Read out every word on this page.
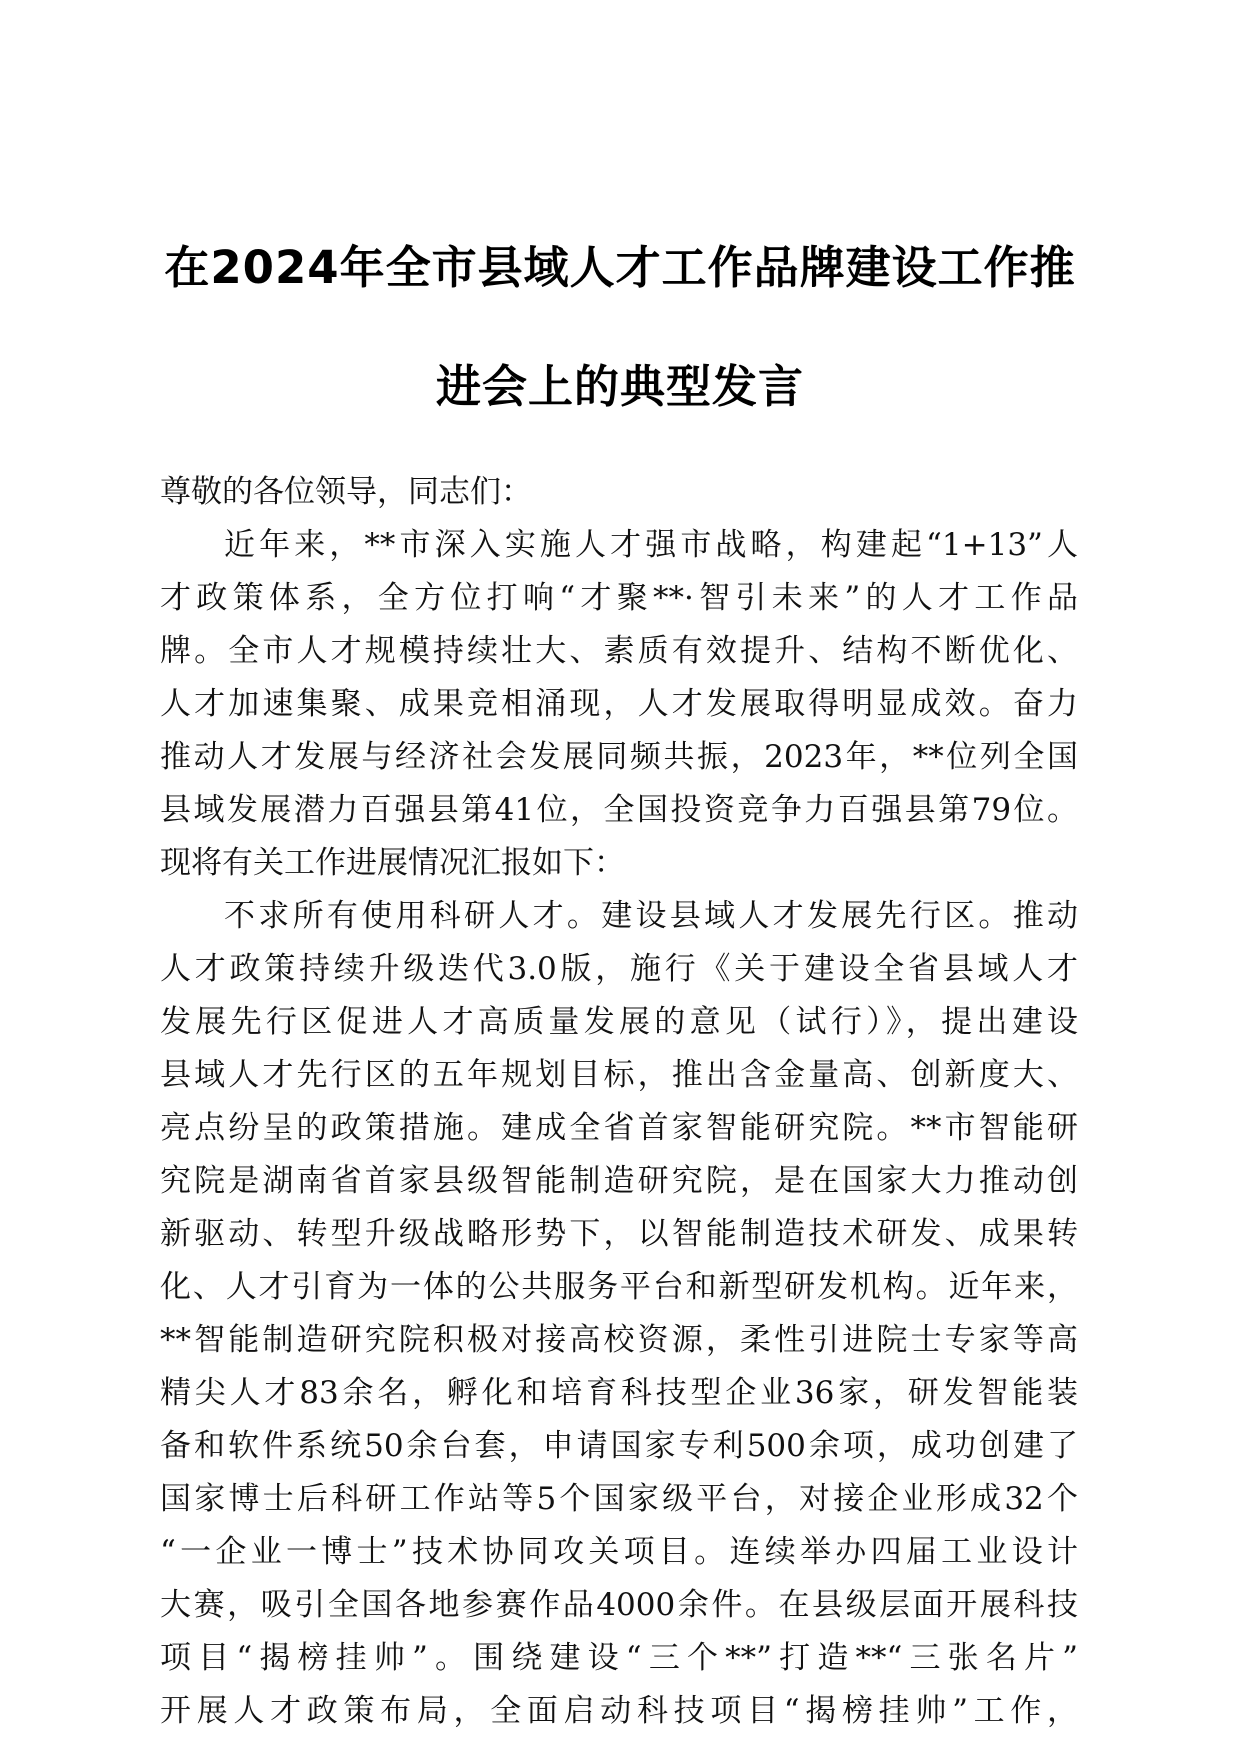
在2024年全市县域人才工作品牌建设工作推
进会上的典型发言
尊敬的各位领导，同志们：
近年来，**市深入实施人才强市战略，构建起“1+13”人
才政策体系，全方位打响“才聚**·智引未来”的人才工作品
牌。全市人才规模持续壮大、素质有效提升、结构不断优化、
人才加速集聚、成果竞相涌现，人才发展取得明显成效。奋力
推动人才发展与经济社会发展同频共振，2023年，**位列全国
县域发展潜力百强县第41位，全国投资竞争力百强县第79位。
现将有关工作进展情况汇报如下：
不求所有使用科研人才。建设县域人才发展先行区。推动
人才政策持续升级迭代3.0版，施行《关于建设全省县域人才
发展先行区促进人才高质量发展的意见（试行）》，提出建设
县域人才先行区的五年规划目标，推出含金量高、创新度大、
亮点纷呈的政策措施。建成全省首家智能研究院。**市智能研
究院是湖南省首家县级智能制造研究院，是在国家大力推动创
新驱动、转型升级战略形势下，以智能制造技术研发、成果转
化、人才引育为一体的公共服务平台和新型研发机构。近年来，
**智能制造研究院积极对接高校资源，柔性引进院士专家等高
精尖人才83余名，孵化和培育科技型企业36家，研发智能装
备和软件系统50余台套，申请国家专利500余项，成功创建了
国家博士后科研工作站等5个国家级平台，对接企业形成32个
“一企业一博士”技术协同攻关项目。连续举办四届工业设计
大赛，吸引全国各地参赛作品4000余件。在县级层面开展科技
项目“揭榜挂帅”。围绕建设“三个**”打造**“三张名片”
开展人才政策布局，全面启动科技项目“揭榜挂帅”工作，
